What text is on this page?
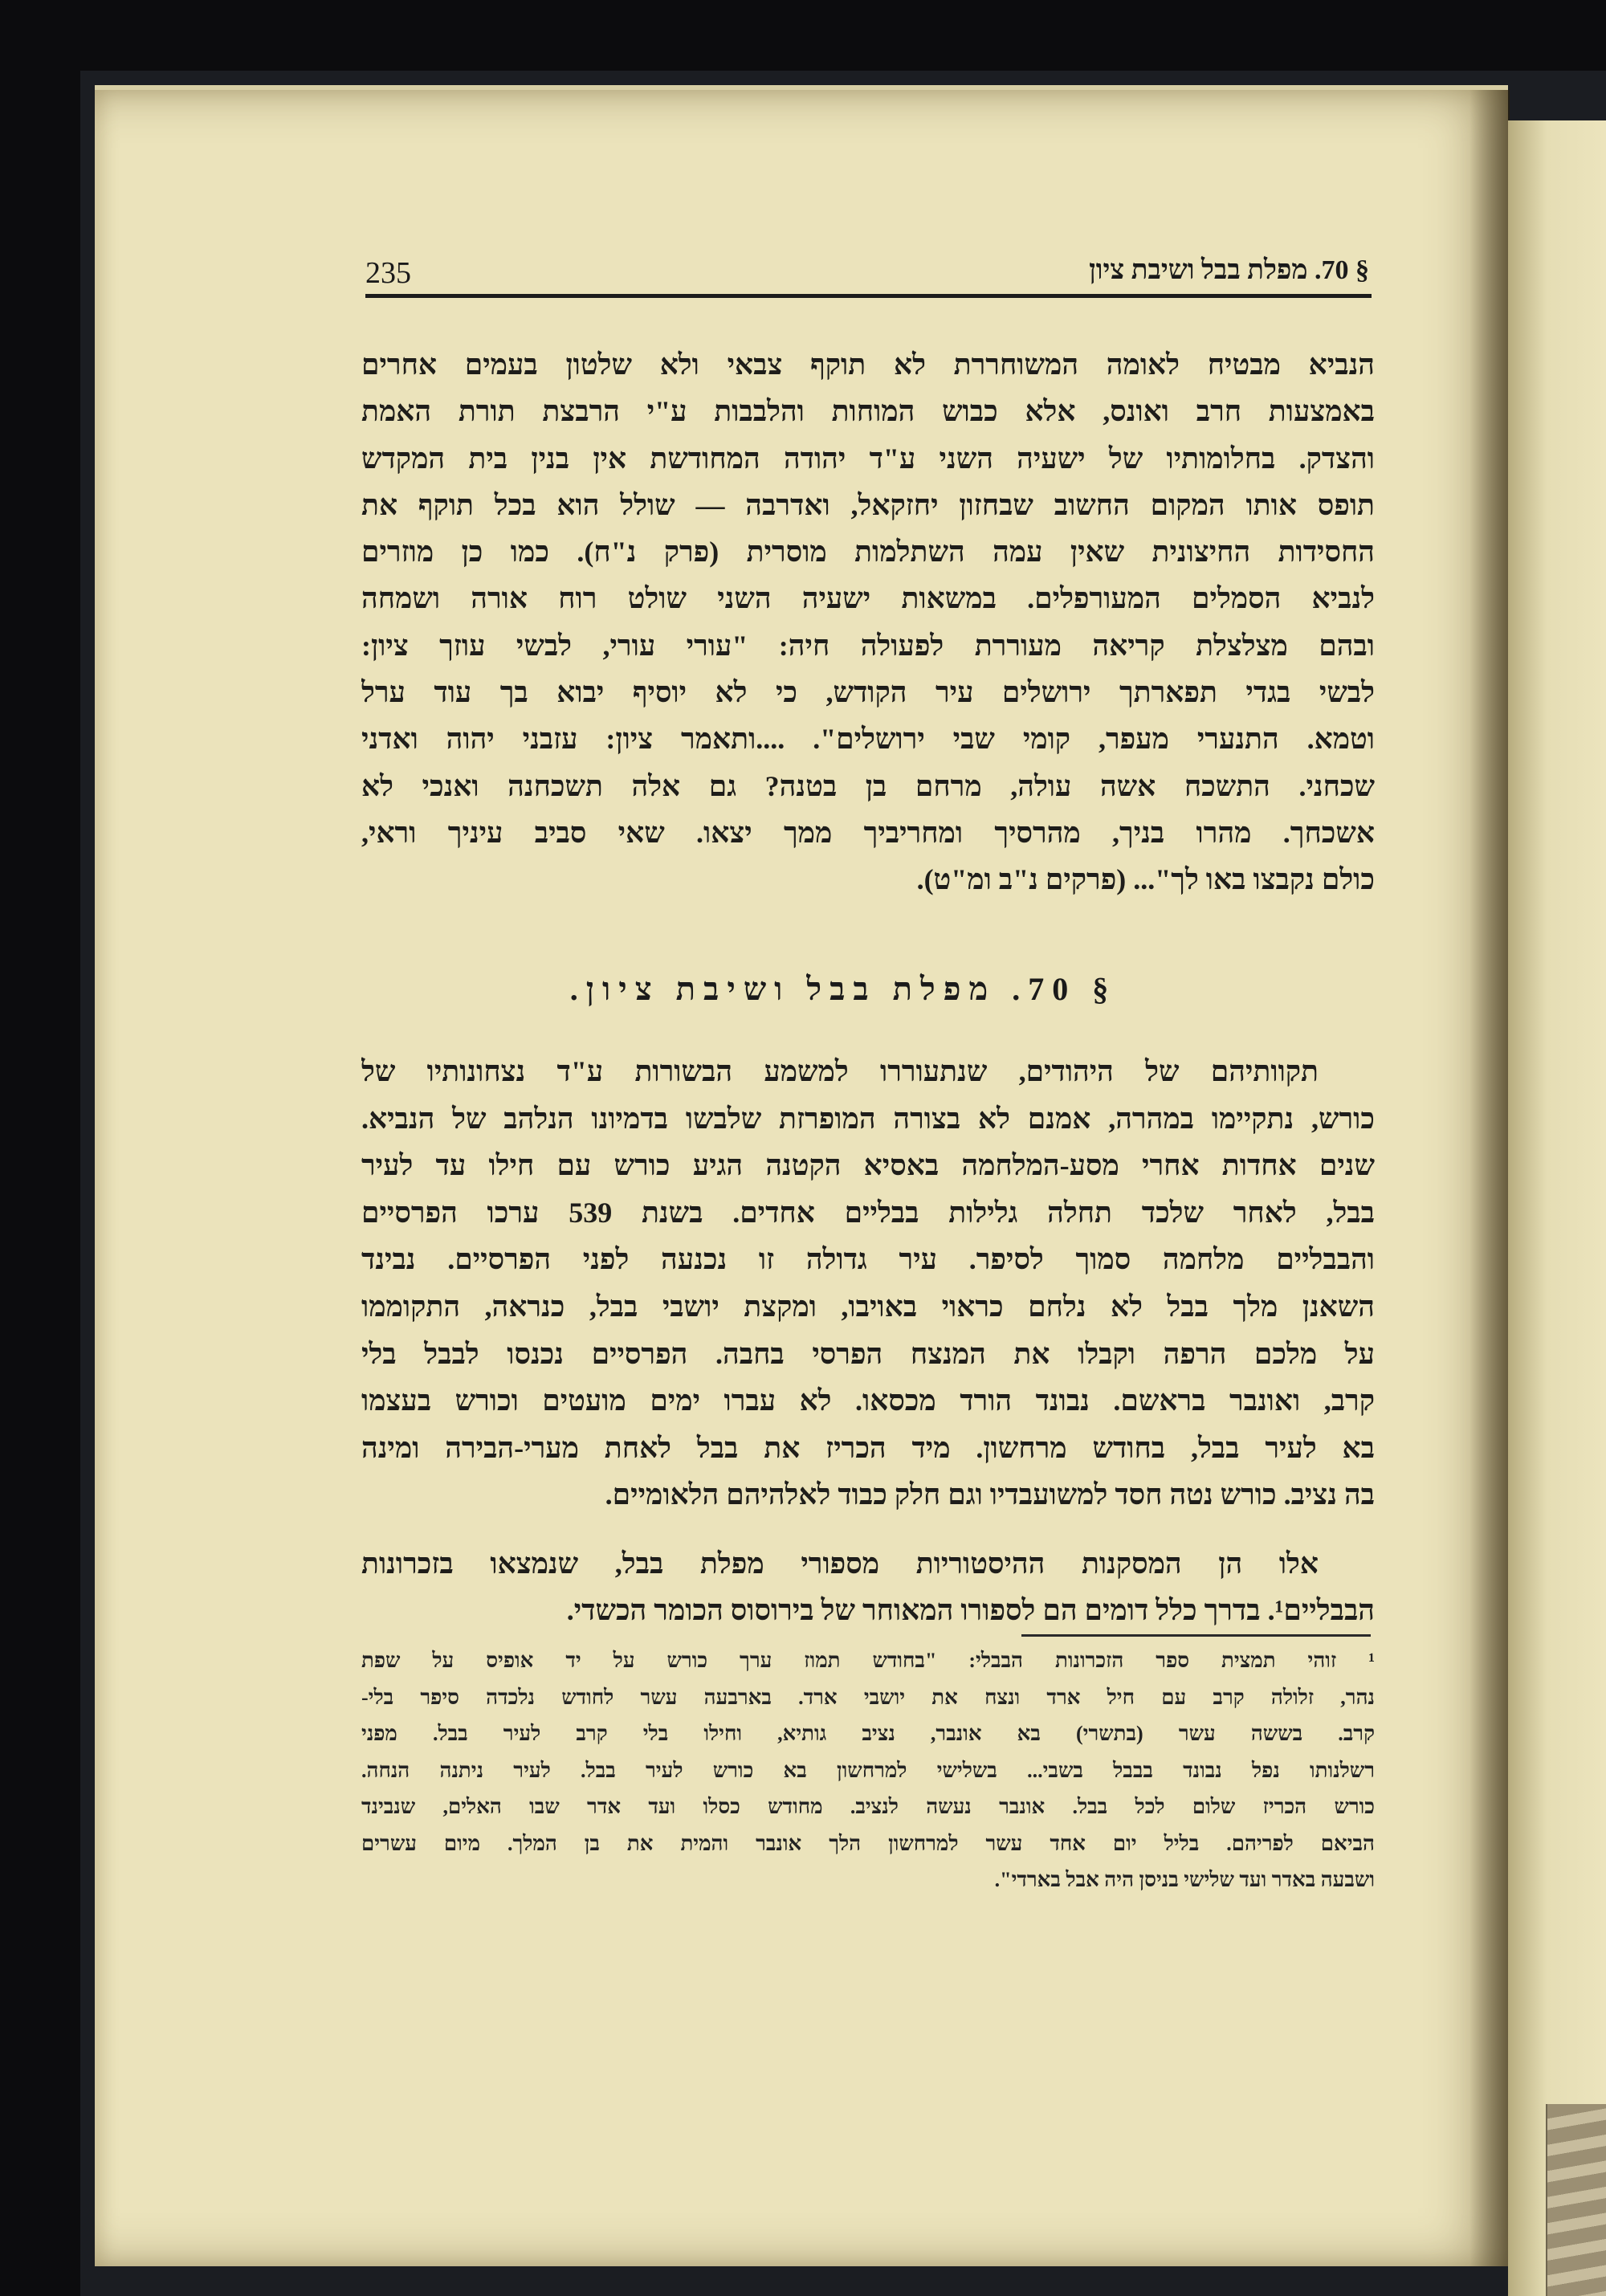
235	§ 70. מפלת בבל ושיבת ציון
הנביא מבטיח לאומה המשוחררת לא תוקף צבאי ולא שלטון בעמים אחרים
באמצעות חרב ואונס, אלא כבוש המוחות והלבבות ע"י הרבצת תורת האמת
והצדק. בחלומותיו של ישעיה השני ע"ד יהודה המחודשת אין בנין בית המקדש
תופס אותו המקום החשוב שבחזון יחזקאל, ואדרבה — שולל הוא בכל תוקף את
החסידות החיצונית שאין עמה השתלמות מוסרית (פרק נ"ח). כמו כן מוזרים
לנביא הסמלים המעורפלים. במשאות ישעיה השני שולט רוח אורה ושמחה
ובהם מצלצלת קריאה מעוררת לפעולה חיה: "עורי עורי, לבשי עוזך ציון:
לבשי בגדי תפארתך ירושלים עיר הקודש, כי לא יוסיף יבוא בך עוד ערל
וטמא. התנערי מעפר, קומי שבי ירושלים". ....ותאמר ציון: עזבני יהוה ואדני
שכחני. התשכח אשה עולה, מרחם בן בטנה? גם אלה תשכחנה ואנכי לא
אשכחך. מהרו בניך, מהרסיך ומחריביך ממך יצאו. שאי סביב עיניך וראי,
כולם נקבצו באו לך"... (פרקים נ"ב ומ"ט).
§ 70. מפלת בבל ושיבת ציון.
תקוותיהם של היהודים, שנתעוררו למשמע הבשורות ע"ד נצחונותיו של
כורש, נתקיימו במהרה, אמנם לא בצורה המופרזת שלבשו בדמיונו הנלהב של הנביא.
שנים אחדות אחרי מסע-המלחמה באסיא הקטנה הגיע כורש עם חילו עד לעיר
בבל, לאחר שלכד תחלה גלילות בבליים אחדים. בשנת 539 ערכו הפרסיים
והבבליים מלחמה סמוך לסיפר. עיר גדולה זו נכנעה לפני הפרסיים. נבינד
השאנן מלך בבל לא נלחם כראוי באויבו, ומקצת יושבי בבל, כנראה, התקוממו
על מלכם הרפה וקבלו את המנצח הפרסי בחבה. הפרסיים נכנסו לבבל בלי
קרב, ואונבר בראשם. נבונד הורד מכסאו. לא עברו ימים מועטים וכורש בעצמו
בא לעיר בבל, בחודש מרחשון. מיד הכריז את בבל לאחת מערי-הבירה ומינה
בה נציב. כורש נטה חסד למשועבדיו וגם חלק כבוד לאלהיהם הלאומיים.
אלו הן המסקנות ההיסטוריות מספורי מפלת בבל, שנמצאו בזכרונות
הבבליים¹. בדרך כלל דומים הם לספורו המאוחר של בירוסוס הכומר הכשדי.
¹ זוהי תמצית ספר הזכרונות הבבלי: "בחודש תמוז ערך כורש על יד אופיס על שפת
נהר, זלולה קרב עם חיל ארד ונצח את יושבי ארד. בארבעה עשר לחודש נלכדה סיפר בלי-
קרב. בששה עשר (בתשרי) בא אונבר, נציב גותיא, וחילו בלי קרב לעיר בבל. מפני
רשלנותו נפל נבונד בבבל בשבי... בשלישי למרחשון בא כורש לעיר בבל. לעיר ניתנה הנחה.
כורש הכריז שלום לכל בבל. אונבר נעשה לנציב. מחודש כסלו ועד אדר שבו האלים, שנבינד
הביאם לפריהם. בליל יום אחד עשר למרחשון הלך אונבר והמית את בן המלך. מיום עשרים
ושבעה באדר ועד שלישי בניסן היה אבל בארדי".
